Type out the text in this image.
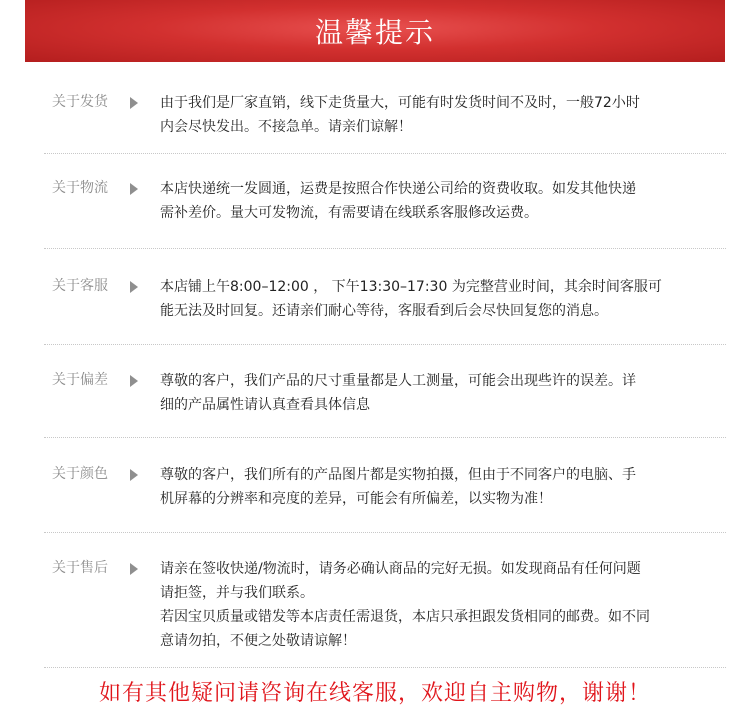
温馨提示
关于发货	由于我们是厂家直销，线下走货量大，可能有时发货时间不及时，一般72小时
内会尽快发出。不接急单。请亲们谅解！
关于物流	本店快递统一发圆通，运费是按照合作快递公司给的资费收取。如发其他快递
需补差价。量大可发物流，有需要请在线联系客服修改运费。
关于客服	本店铺上午8:00–12:00 ， 下午13:30–17:30 为完整营业时间，其余时间客服可
能无法及时回复。还请亲们耐心等待，客服看到后会尽快回复您的消息。
关于偏差	尊敬的客户，我们产品的尺寸重量都是人工测量，可能会出现些许的误差。详
细的产品属性请认真查看具体信息
关于颜色	尊敬的客户，我们所有的产品图片都是实物拍摄，但由于不同客户的电脑、手
机屏幕的分辨率和亮度的差异，可能会有所偏差，以实物为准！
关于售后	请亲在签收快递/物流时，请务必确认商品的完好无损。如发现商品有任何问题
请拒签，并与我们联系。
若因宝贝质量或错发等本店责任需退货，本店只承担跟发货相同的邮费。如不同
意请勿拍，不便之处敬请谅解！
如有其他疑问请咨询在线客服，欢迎自主购物，谢谢！
